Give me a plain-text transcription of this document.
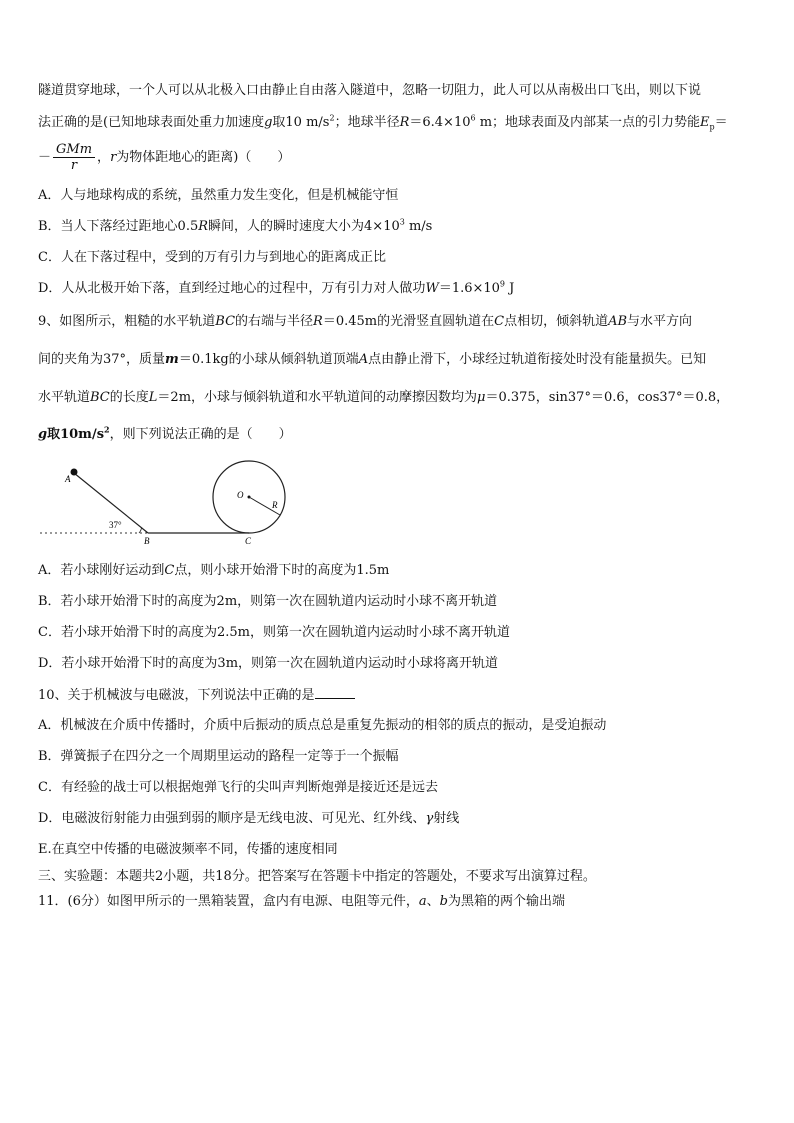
隧道贯穿地球，一个人可以从北极入口由静止自由落入隧道中，忽略一切阻力，此人可以从南极出口飞出，则以下说
法正确的是(已知地球表面处重力加速度g取10 $m/s^2$；地球半径$R=6.4\times 10^6$ m；地球表面及内部某一点的引力势能$E_p=$
－ $\frac{\text{GMm}}{r}$ ，r为物体距地心的距离)（　　）
A．人与地球构成的系统，虽然重力发生变化，但是机械能守恒
B．当人下落经过距地心0.5R瞬间，人的瞬时速度大小为$4\times 10^3$ m/s
C．人在下落过程中，受到的万有引力与到地心的距离成正比
D．人从北极开始下落，直到经过地心的过程中，万有引力对人做功$W=1.6\times 10^9$ J
9、如图所示，粗糙的水平轨道BC的右端与半径R＝0.45m的光滑竖直圆轨道在C点相切，倾斜轨道AB与水平方向
间的夹角为37°，质量m＝0.1kg的小球从倾斜轨道顶端A点由静止滑下，小球经过轨道衔接处时没有能量损失。已知
水平轨道BC的长度L＝2m，小球与倾斜轨道和水平轨道间的动摩擦因数均为μ＝0.375，sin37°＝0.6，cos37°＝0.8，
g取$10m/s^2$，则下列说法正确的是（　　）
A
B	C
O
R
37°
A．若小球刚好运动到C点，则小球开始滑下时的高度为1.5m
B．若小球开始滑下时的高度为2m，则第一次在圆轨道内运动时小球不离开轨道
C．若小球开始滑下时的高度为2.5m，则第一次在圆轨道内运动时小球不离开轨道
D．若小球开始滑下时的高度为3m，则第一次在圆轨道内运动时小球将离开轨道
10、关于机械波与电磁波，下列说法中正确的是
A．机械波在介质中传播时，介质中后振动的质点总是重复先振动的相邻的质点的振动，是受迫振动
B．弹簧振子在四分之一个周期里运动的路程一定等于一个振幅
C．有经验的战士可以根据炮弹飞行的尖叫声判断炮弹是接近还是远去
D．电磁波衍射能力由强到弱的顺序是无线电波、可见光、红外线、γ射线
E.在真空中传播的电磁波频率不同，传播的速度相同
三、实验题：本题共2小题，共18分。把答案写在答题卡中指定的答题处，不要求写出演算过程。
11．(6分）如图甲所示的一黑箱装置，盒内有电源、电阻等元件，a、b为黑箱的两个输出端
